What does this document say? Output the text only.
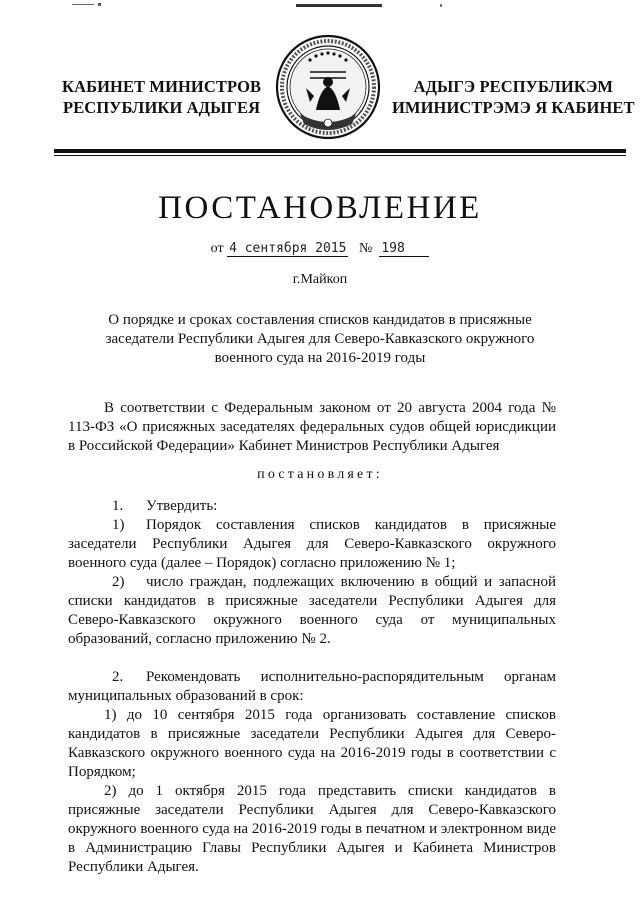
КАБИНЕТ МИНИСТРОВ
РЕСПУБЛИКИ АДЫГЕЯ
АДЫГЭ РЕСПУБЛИКЭМ
ИМИНИСТРЭМЭ Я КАБИНЕТ
ПОСТАНОВЛЕНИЕ
от 4 сентября 2015 № 198
г.Майкоп
О порядке и сроках составления списков кандидатов в присяжные заседатели Республики Адыгея для Северо-Кавказского окружного военного суда на 2016-2019 годы

В соответствии с Федеральным законом от 20 августа 2004 года № 113-ФЗ «О присяжных заседателях федеральных судов общей юрисдикции в Российской Федерации» Кабинет Министров Республики Адыгея

постановляет:

1. Утвердить:

1) Порядок составления списков кандидатов в присяжные заседатели Республики Адыгея для Северо-Кавказского окружного военного суда (далее – Порядок) согласно приложению № 1;

2) число граждан, подлежащих включению в общий и запасной списки кандидатов в присяжные заседатели Республики Адыгея для Северо-Кавказского окружного военного суда от муниципальных образований, согласно приложению № 2.

2. Рекомендовать исполнительно-распорядительным органам муниципальных образований в срок:

1) до 10 сентября 2015 года организовать составление списков кандидатов в присяжные заседатели Республики Адыгея для Северо-Кавказского окружного военного суда на 2016-2019 годы в соответствии с Порядком;

2) до 1 октября 2015 года представить списки кандидатов в присяжные заседатели Республики Адыгея для Северо-Кавказского окружного военного суда на 2016-2019 годы в печатном и электронном виде в Администрацию Главы Республики Адыгея и Кабинета Министров Республики Адыгея.
